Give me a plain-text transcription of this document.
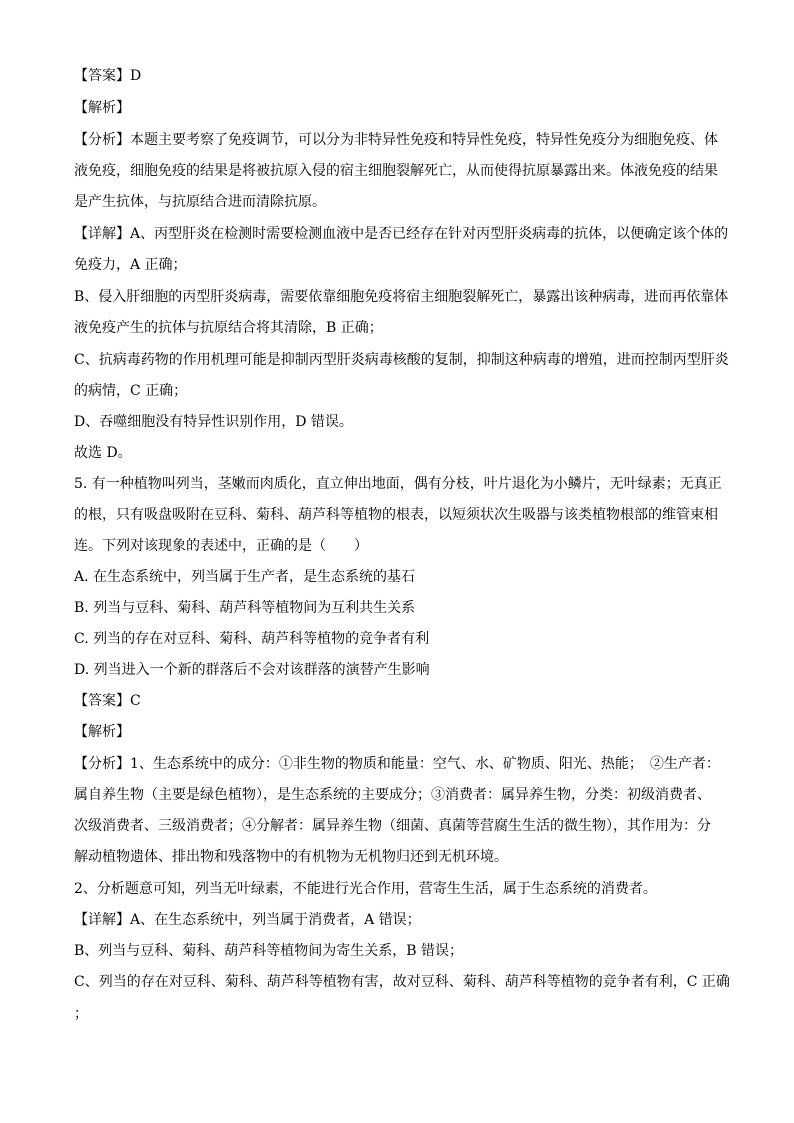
【答案】D
【解析】
【分析】本题主要考察了免疫调节，可以分为非特异性免疫和特异性免疫，特异性免疫分为细胞免疫、体
液免疫，细胞免疫的结果是将被抗原入侵的宿主细胞裂解死亡，从而使得抗原暴露出来。体液免疫的结果
是产生抗体，与抗原结合进而清除抗原。
【详解】A、丙型肝炎在检测时需要检测血液中是否已经存在针对丙型肝炎病毒的抗体，以便确定该个体的
免疫力，A 正确；
B、侵入肝细胞的丙型肝炎病毒，需要依靠细胞免疫将宿主细胞裂解死亡，暴露出该种病毒，进而再依靠体
液免疫产生的抗体与抗原结合将其清除，B 正确；
C、抗病毒药物的作用机理可能是抑制丙型肝炎病毒核酸的复制，抑制这种病毒的增殖，进而控制丙型肝炎
的病情，C 正确；
D、吞噬细胞没有特异性识别作用，D 错误。
故选 D。
5. 有一种植物叫列当，茎嫩而肉质化，直立伸出地面，偶有分枝，叶片退化为小鳞片，无叶绿素；无真正
的根，只有吸盘吸附在豆科、菊科、葫芦科等植物的根表，以短须状次生吸器与该类植物根部的维管束相
连。下列对该现象的表述中，正确的是（　　）
A. 在生态系统中，列当属于生产者，是生态系统的基石
B. 列当与豆科、菊科、葫芦科等植物间为互利共生关系
C. 列当的存在对豆科、菊科、葫芦科等植物的竞争者有利
D. 列当进入一个新的群落后不会对该群落的演替产生影响
【答案】C
【解析】
【分析】1、生态系统中的成分：①非生物的物质和能量：空气、水、矿物质、阳光、热能；　②生产者：
属自养生物（主要是绿色植物），是生态系统的主要成分；③消费者：属异养生物，分类：初级消费者、
次级消费者、三级消费者；④分解者：属异养生物（细菌、真菌等营腐生生活的微生物），其作用为：分
解动植物遗体、排出物和残落物中的有机物为无机物归还到无机环境。
2、分析题意可知，列当无叶绿素，不能进行光合作用，营寄生生活，属于生态系统的消费者。
【详解】A、在生态系统中，列当属于消费者，A 错误；
B、列当与豆科、菊科、葫芦科等植物间为寄生关系，B 错误；
C、列当的存在对豆科、菊科、葫芦科等植物有害，故对豆科、菊科、葫芦科等植物的竞争者有利，C 正确
；
